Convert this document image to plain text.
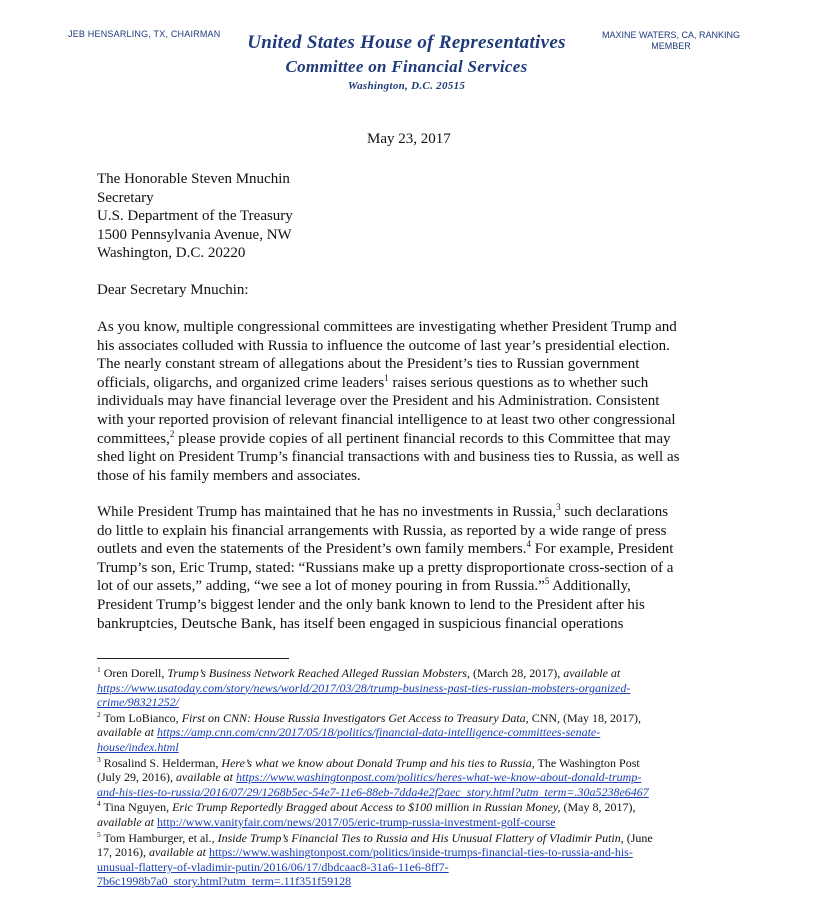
JEB HENSARLING, TX, CHAIRMAN	MAXINE WATERS, CA, RANKING
MEMBER
United States House of Representatives
Committee on Financial Services
Washington, D.C. 20515
May 23, 2017
The Honorable Steven Mnuchin
Secretary
U.S. Department of the Treasury
1500 Pennsylvania Avenue, NW
Washington, D.C. 20220
Dear Secretary Mnuchin:
As you know, multiple congressional committees are investigating whether President Trump and
his associates colluded with Russia to influence the outcome of last year’s presidential election.
The nearly constant stream of allegations about the President’s ties to Russian government
officials, oligarchs, and organized crime leaders$^1$ raises serious questions as to whether such
individuals may have financial leverage over the President and his Administration. Consistent
with your reported provision of relevant financial intelligence to at least two other congressional
committees,$^2$ please provide copies of all pertinent financial records to this Committee that may
shed light on President Trump’s financial transactions with and business ties to Russia, as well as
those of his family members and associates.
While President Trump has maintained that he has no investments in Russia,$^3$ such declarations
do little to explain his financial arrangements with Russia, as reported by a wide range of press
outlets and even the statements of the President’s own family members.$^4$ For example, President
Trump’s son, Eric Trump, stated: “Russians make up a pretty disproportionate cross-section of a
lot of our assets,” adding, “we see a lot of money pouring in from Russia.”$^5$ Additionally,
President Trump’s biggest lender and the only bank known to lend to the President after his
bankruptcies, Deutsche Bank, has itself been engaged in suspicious financial operations
$^1$ Oren Dorell, Trump’s Business Network Reached Alleged Russian Mobsters, (March 28, 2017), available at
https://www.usatoday.com/story/news/world/2017/03/28/trump-business-past-ties-russian-mobsters-organized-
crime/98321252/
$^2$ Tom LoBianco, First on CNN: House Russia Investigators Get Access to Treasury Data, CNN, (May 18, 2017),
available at https://amp.cnn.com/cnn/2017/05/18/politics/financial-data-intelligence-committees-senate-
house/index.html
$^3$ Rosalind S. Helderman, Here’s what we know about Donald Trump and his ties to Russia, The Washington Post
(July 29, 2016), available at https://www.washingtonpost.com/politics/heres-what-we-know-about-donald-trump-
and-his-ties-to-russia/2016/07/29/1268b5ec-54e7-11e6-88eb-7dda4e2f2aec_story.html?utm_term=.30a5238e6467
$^4$ Tina Nguyen, Eric Trump Reportedly Bragged about Access to $100 million in Russian Money, (May 8, 2017),
available at http://www.vanityfair.com/news/2017/05/eric-trump-russia-investment-golf-course
$^5$ Tom Hamburger, et al., Inside Trump’s Financial Ties to Russia and His Unusual Flattery of Vladimir Putin, (June
17, 2016), available at https://www.washingtonpost.com/politics/inside-trumps-financial-ties-to-russia-and-his-
unusual-flattery-of-vladimir-putin/2016/06/17/dbdcaac8-31a6-11e6-8ff7-
7b6c1998b7a0_story.html?utm_term=.11f351f59128
